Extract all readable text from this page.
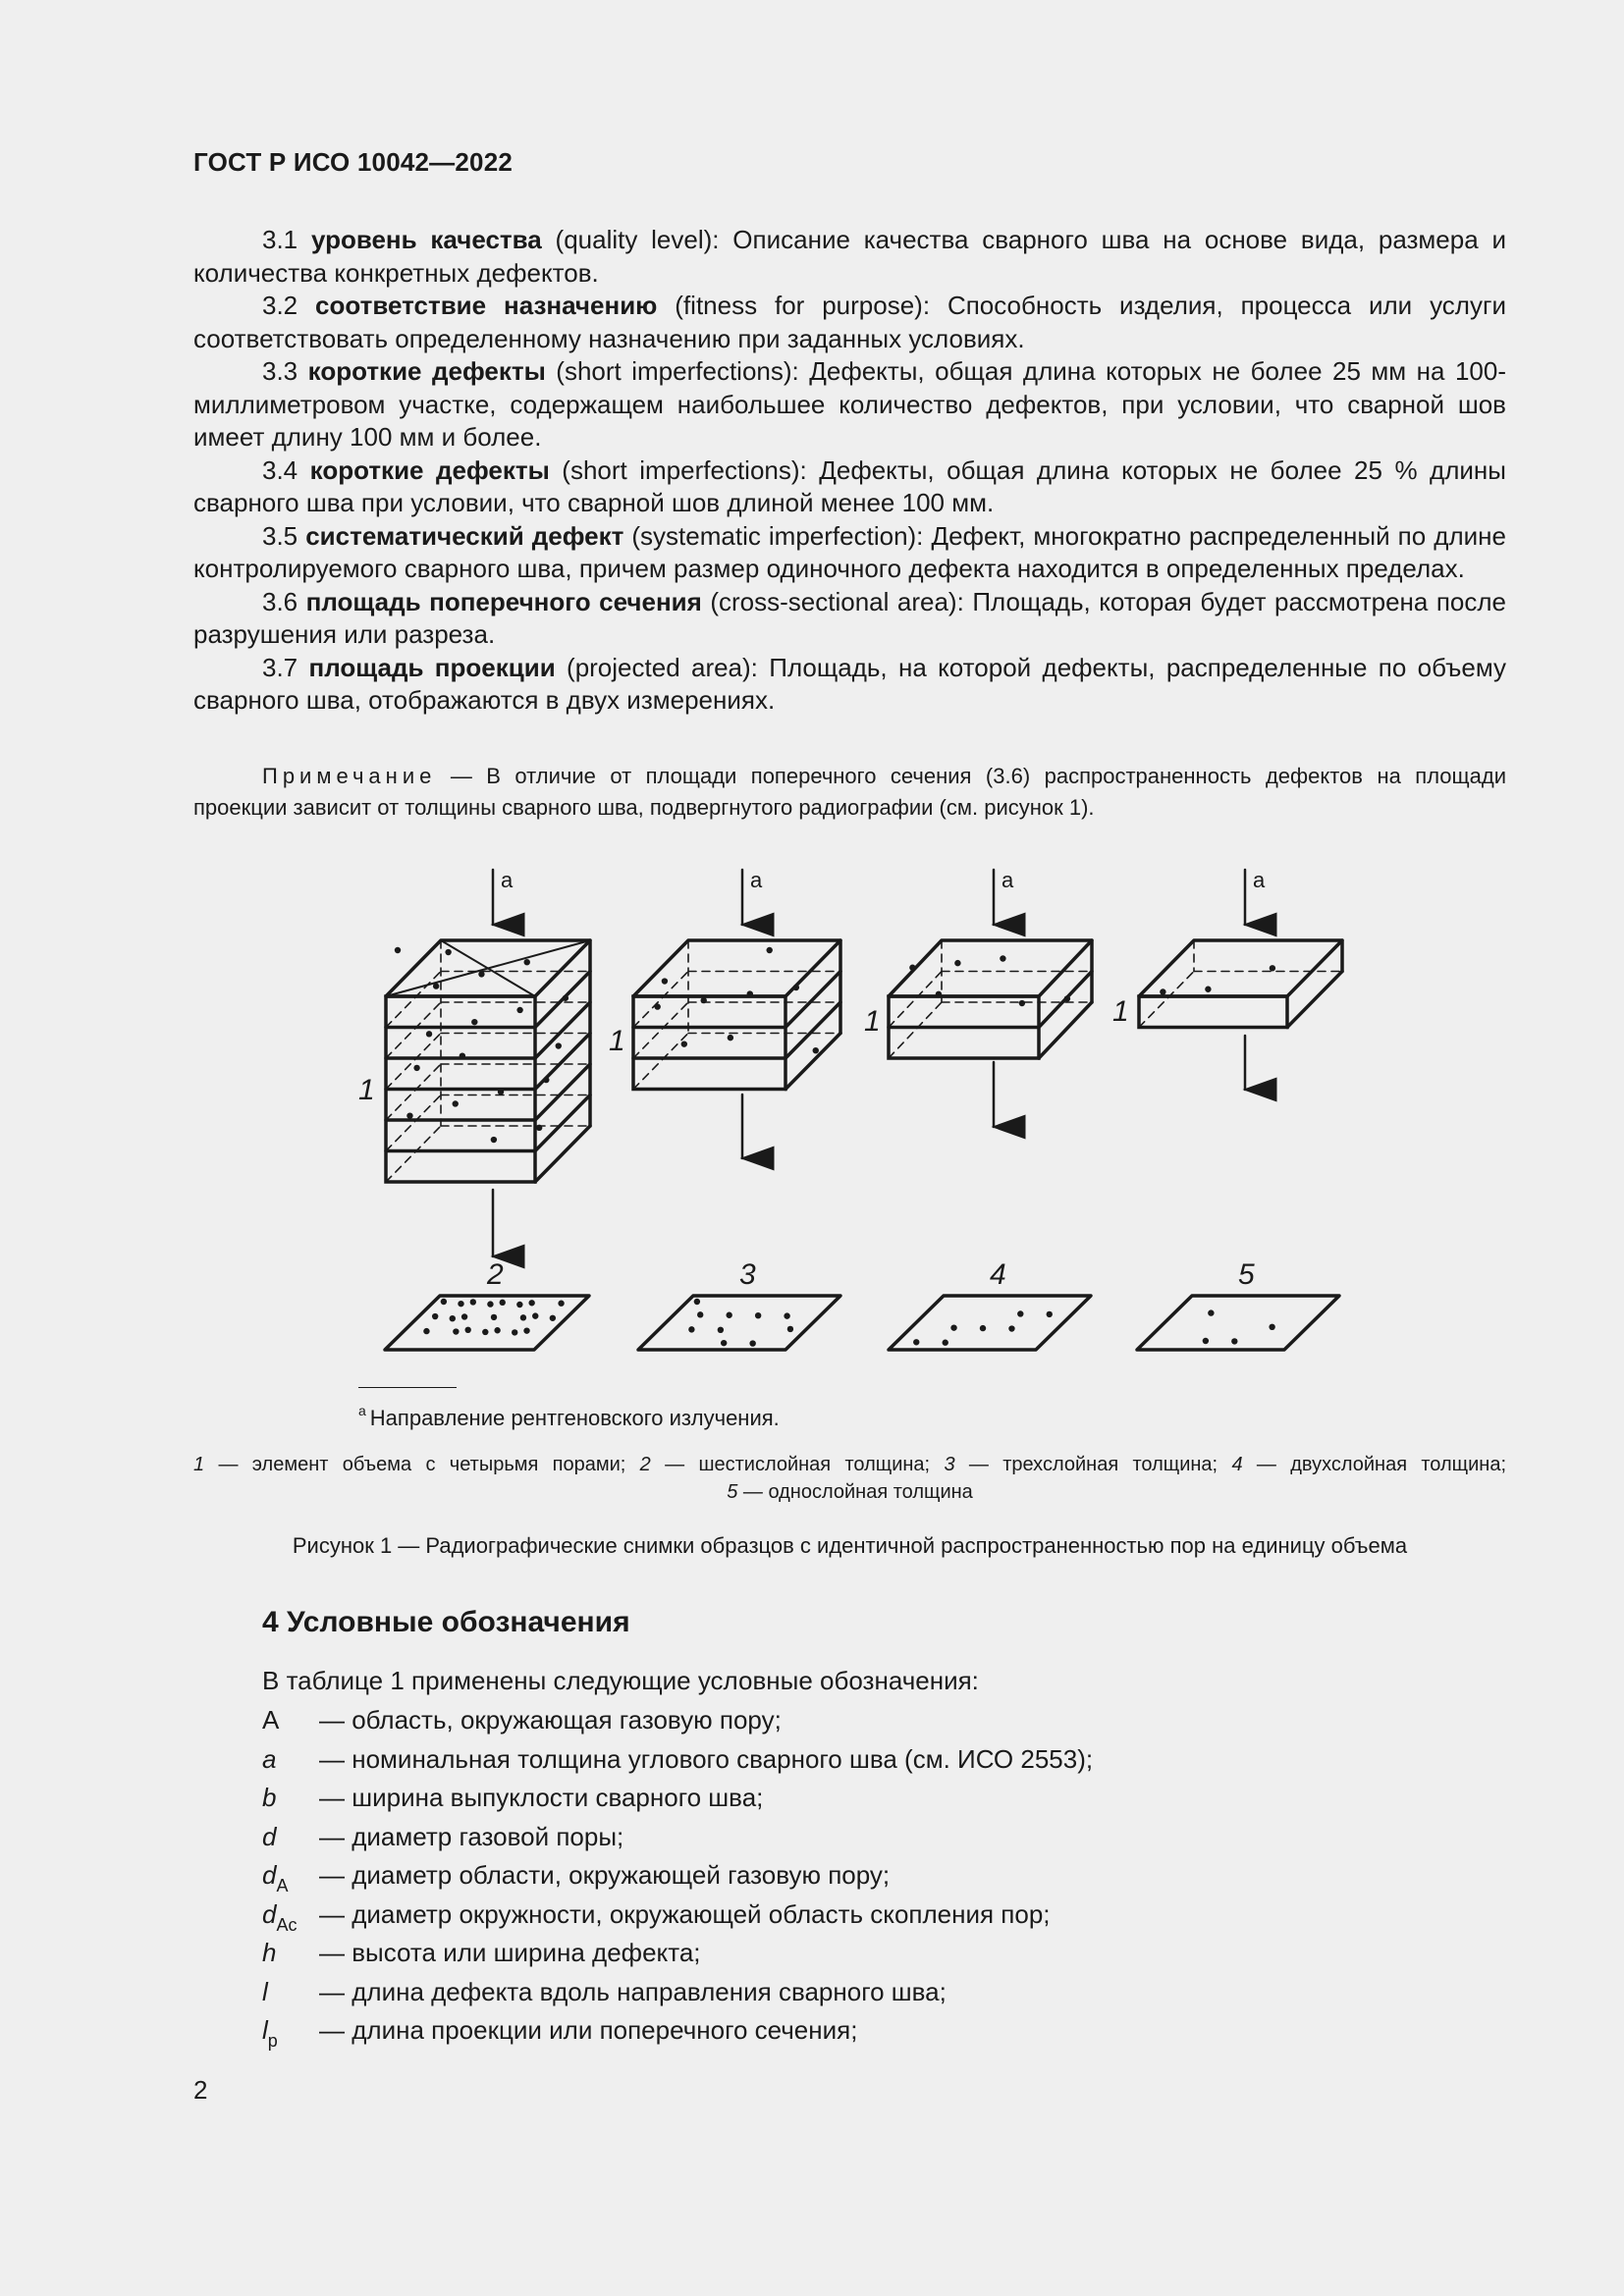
ГОСТ Р ИСО 10042—2022

3.1 уровень качества (quality level): Описание качества сварного шва на основе вида, размера и количества конкретных дефектов.

3.2 соответствие назначению (fitness for purpose): Способность изделия, процесса или услуги соответствовать определенному назначению при заданных условиях.

3.3 короткие дефекты (short imperfections): Дефекты, общая длина которых не более 25 мм на 100-миллиметровом участке, содержащем наибольшее количество дефектов, при условии, что сварной шов имеет длину 100 мм и более.

3.4 короткие дефекты (short imperfections): Дефекты, общая длина которых не более 25 % длины сварного шва при условии, что сварной шов длиной менее 100 мм.

3.5 систематический дефект (systematic imperfection): Дефект, многократно распределенный по длине контролируемого сварного шва, причем размер одиночного дефекта находится в определенных пределах.

3.6 площадь поперечного сечения (cross-sectional area): Площадь, которая будет рассмотрена после разрушения или разреза.

3.7 площадь проекции (projected area): Площадь, на которой дефекты, распределенные по объему сварного шва, отображаются в двух измерениях.

Примечание — В отличие от площади поперечного сечения (3.6) распространенность дефектов на площади проекции зависит от толщины сварного шва, подвергнутого радиографии (см. рисунок 1).

a	a	a	a
1
1
1	1
2	3	4	5
$^a$ Направление рентгеновского излучения.
1 — элемент объема с четырьмя порами; 2 — шестислойная толщина; 3 — трехслойная толщина; 4 — двухслойная толщина;
5 — однослойная толщина
Рисунок 1 — Радиографические снимки образцов с идентичной распространенностью пор на единицу объема
4 Условные обозначения
В таблице 1 применены следующие условные обозначения:
A — область, окружающая газовую пору;
a — номинальная толщина углового сварного шва (см. ИСО 2553);
b — ширина выпуклости сварного шва;
d — диаметр газовой поры;
$d_A$ — диаметр области, окружающей газовую пору;
$d_{Ac}$ — диаметр окружности, окружающей область скопления пор;
h — высота или ширина дефекта;
l — длина дефекта вдоль направления сварного шва;
$l_p$ — длина проекции или поперечного сечения;
2
